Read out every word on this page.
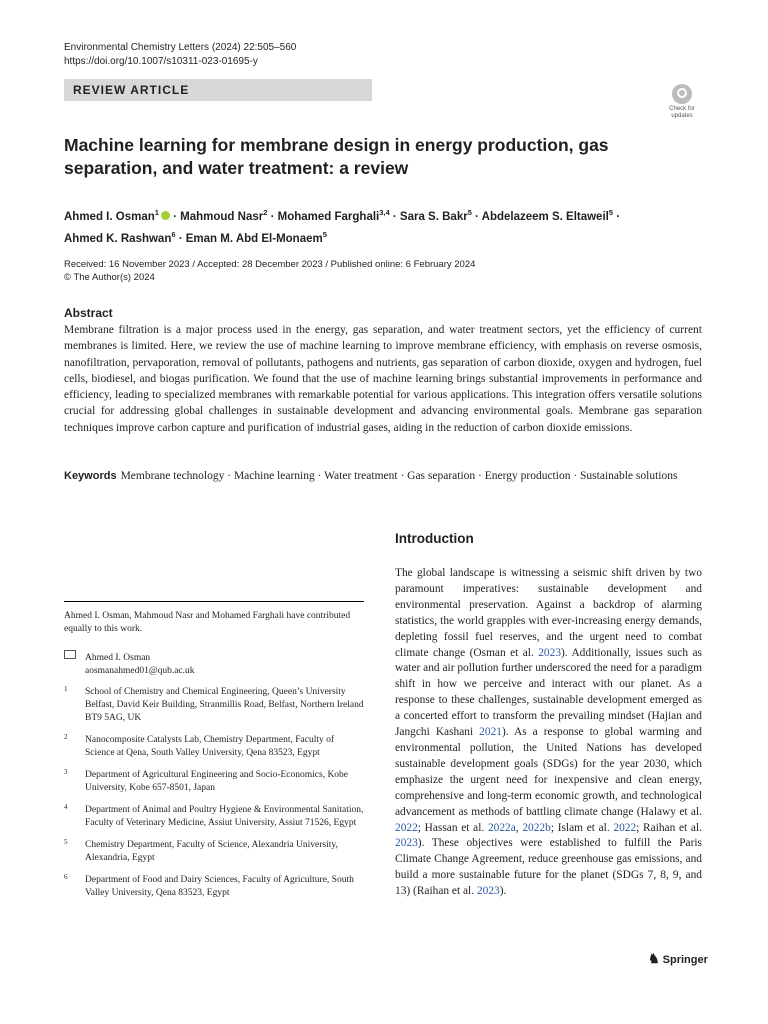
Environmental Chemistry Letters (2024) 22:505–560
https://doi.org/10.1007/s10311-023-01695-y
REVIEW ARTICLE
Check for
updates
Machine learning for membrane design in energy production, gas separation, and water treatment: a review
Ahmed I. Osman$^1$ · Mahmoud Nasr$^2$ · Mohamed Farghali$^{3,4}$ · Sara S. Bakr$^5$ · Abdelazeem S. Eltaweil$^5$ ·
Ahmed K. Rashwan$^6$ · Eman M. Abd El-Monaem$^5$
Received: 16 November 2023 / Accepted: 28 December 2023 / Published online: 6 February 2024
© The Author(s) 2024
Abstract
Membrane filtration is a major process used in the energy, gas separation, and water treatment sectors, yet the efficiency of current membranes is limited. Here, we review the use of machine learning to improve membrane efficiency, with emphasis on reverse osmosis, nanofiltration, pervaporation, removal of pollutants, pathogens and nutrients, gas separation of carbon dioxide, oxygen and hydrogen, fuel cells, biodiesel, and biogas purification. We found that the use of machine learning brings substantial improvements in performance and efficiency, leading to specialized membranes with remarkable potential for various applications. This integration offers versatile solutions crucial for addressing global challenges in sustainable development and advancing environmental goals. Membrane gas separation techniques improve carbon capture and purification of industrial gases, aiding in the reduction of carbon dioxide emissions.
Keywords Membrane technology · Machine learning · Water treatment · Gas separation · Energy production · Sustainable solutions
Introduction
The global landscape is witnessing a seismic shift driven by two paramount imperatives: sustainable development and environmental preservation. Against a backdrop of alarming statistics, the world grapples with ever-increasing energy demands, depleting fossil fuel reserves, and the urgent need to combat climate change (Osman et al. 2023). Additionally, issues such as water and air pollution further underscored the need for a paradigm shift in how we perceive and interact with our planet. As a response to these challenges, sustainable development emerged as a concerted effort to transform the prevailing mindset (Hajian and Jangchi Kashani 2021). As a response to global warming and environmental pollution, the United Nations has developed sustainable development goals (SDGs) for the year 2030, which emphasize the urgent need for inexpensive and clean energy, comprehensive and long-term economic growth, and technological advancement as methods of battling climate change (Halawy et al. 2022; Hassan et al. 2022a, 2022b; Islam et al. 2022; Raihan et al. 2023). These objectives were established to fulfill the Paris Climate Change Agreement, reduce greenhouse gas emissions, and build a more sustainable future for the planet (SDGs 7, 8, 9, and 13) (Raihan et al. 2023).
Ahmed I. Osman, Mahmoud Nasr and Mohamed Farghali have contributed equally to this work.
Ahmed I. Osman
aosmanahmed01@qub.ac.uk
1 School of Chemistry and Chemical Engineering, Queen’s University Belfast, David Keir Building, Stranmillis Road, Belfast, Northern Ireland BT9 5AG, UK
2 Nanocomposite Catalysts Lab, Chemistry Department, Faculty of Science at Qena, South Valley University, Qena 83523, Egypt
3 Department of Agricultural Engineering and Socio-Economics, Kobe University, Kobe 657-8501, Japan
4 Department of Animal and Poultry Hygiene & Environmental Sanitation, Faculty of Veterinary Medicine, Assiut University, Assiut 71526, Egypt
5 Chemistry Department, Faculty of Science, Alexandria University, Alexandria, Egypt
6 Department of Food and Dairy Sciences, Faculty of Agriculture, South Valley University, Qena 83523, Egypt
♞ Springer
